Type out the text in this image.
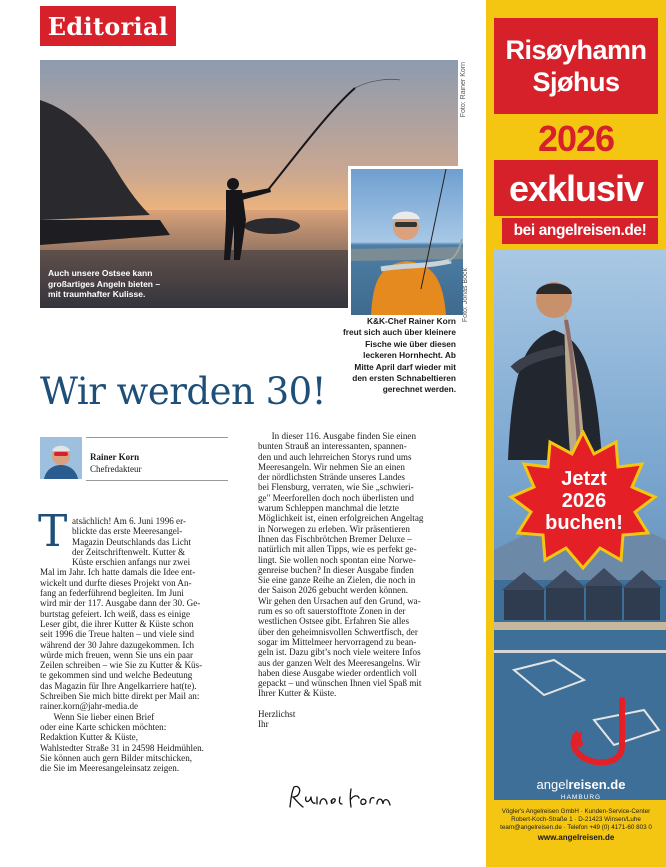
Editorial
Foto: Rainer Korn
Auch unsere Ostsee kann
großartiges Angeln bieten –
mit traumhafter Kulisse.	Foto: Jonas Bock
K&K-Chef Rainer Korn
freut sich auch über kleinere
Fische wie über diesen
leckeren Hornhecht. Ab
Mitte April darf wieder mit
den ersten Schnabeltieren
gerechnet werden.
Wir werden 30!
Rainer Korn
Chefredakteur
T atsächlich! Am 6. Juni 1996 er-
blickte das erste Meeresangel-
Magazin Deutschlands das Licht
der Zeitschriftenwelt. Kutter &
Küste erschien anfangs nur zwei
Mal im Jahr. Ich hatte damals die Idee ent-
wickelt und durfte dieses Projekt von An-
fang an federführend begleiten. Im Juni
wird mir der 117. Ausgabe dann der 30. Ge-
burtstag gefeiert. Ich weiß, dass es einige
Leser gibt, die ihrer Kutter & Küste schon
seit 1996 die Treue halten – und viele sind
während der 30 Jahre dazugekommen. Ich
würde mich freuen, wenn Sie uns ein paar
Zeilen schreiben – wie Sie zu Kutter & Küs-
te gekommen sind und welche Bedeutung
das Magazin für Ihre Angelkarriere hat(te).
Schreiben Sie mich bitte direkt per Mail an:
rainer.korn@jahr-media.de
Wenn Sie lieber einen Brief
oder eine Karte schicken möchten:
Redaktion Kutter & Küste,
Wahlstedter Straße 31 in 24598 Heidmühlen.
Sie können auch gern Bilder mitschicken,
die Sie im Meeresangeleinsatz zeigen.
In dieser 116. Ausgabe finden Sie einen
bunten Strauß an interessanten, spannen-
den und auch lehrreichen Storys rund ums
Meeresangeln. Wir nehmen Sie an einen
der nördlichsten Strände unseres Landes
bei Flensburg, verraten, wie Sie „schwieri-
ge" Meerforellen doch noch überlisten und
warum Schleppen manchmal die letzte
Möglichkeit ist, einen erfolgreichen Angeltag
in Norwegen zu erleben. Wir präsentieren
Ihnen das Fischbrötchen Bremer Deluxe –
natürlich mit allen Tipps, wie es perfekt ge-
lingt. Sie wollen noch spontan eine Norwe-
genreise buchen? In dieser Ausgabe finden
Sie eine ganze Reihe an Zielen, die noch in
der Saison 2026 gebucht werden können.
Wir gehen den Ursachen auf den Grund, wa-
rum es so oft sauerstofftote Zonen in der
westlichen Ostsee gibt. Erfahren Sie alles
über den geheimnisvollen Schwertfisch, der
sogar im Mittelmeer hervorragend zu bean-
geln ist. Dazu gibt’s noch viele weitere Infos
aus der ganzen Welt des Meeresangelns. Wir
haben diese Ausgabe wieder ordentlich voll
gepackt – und wünschen Ihnen viel Spaß mit
Ihrer Kutter & Küste.
Herzlichst
Ihr
Risøyhamn
Sjøhus
2026
exklusiv
bei angelreisen.de!
Jetzt
2026
buchen!
angelreisen.de
HAMBURG
Vögler's Angelreisen GmbH · Kunden-Service-Center
Robert-Koch-Straße 1 · D-21423 Winsen/Luhe
team@angelreisen.de · Telefon +49 (0) 4171-60 803 0
www.angelreisen.de
